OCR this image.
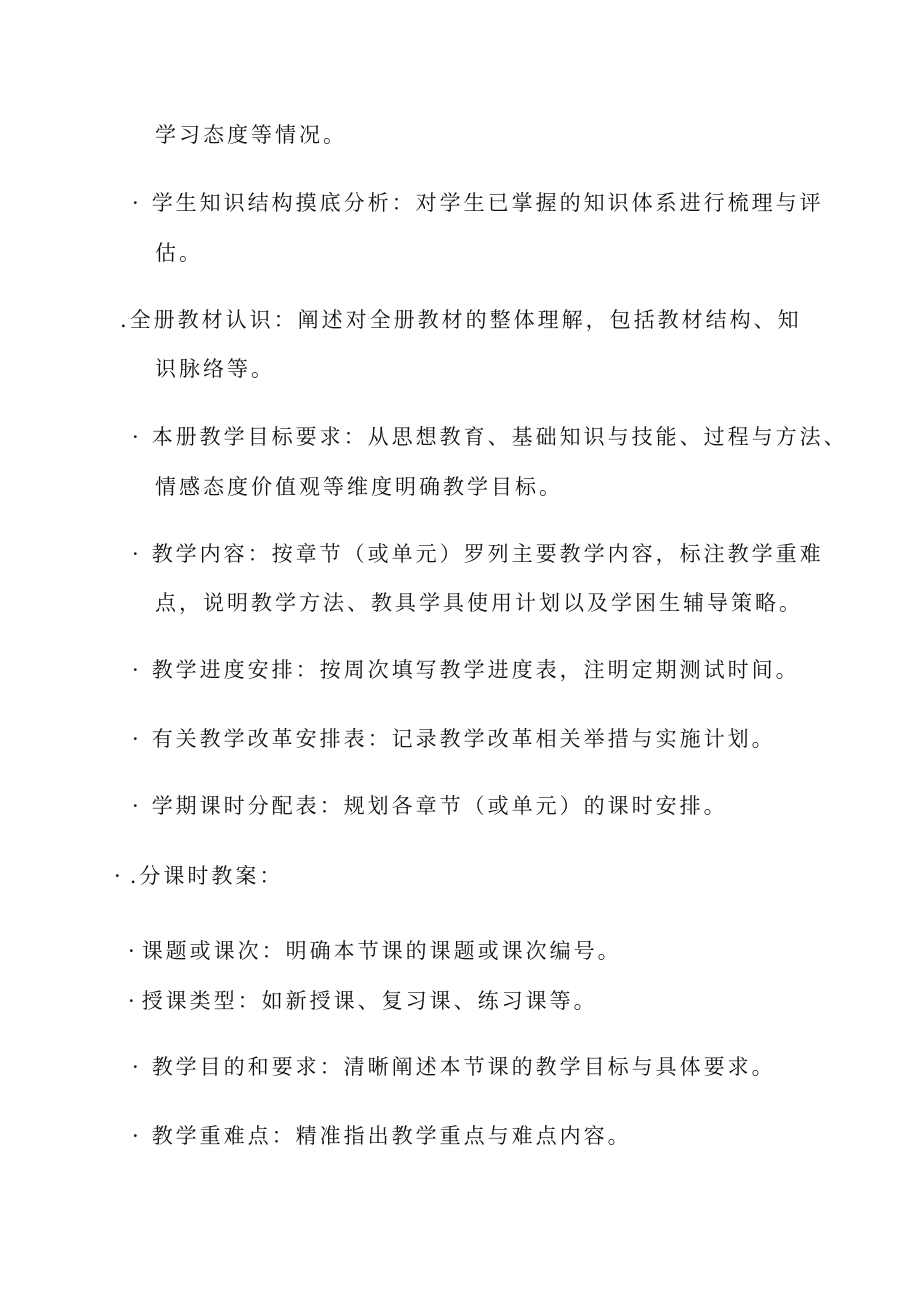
学习态度等情况。
· 学生知识结构摸底分析：对学生已掌握的知识体系进行梳理与评
估。
.全册教材认识：阐述对全册教材的整体理解，包括教材结构、知
识脉络等。
· 本册教学目标要求：从思想教育、基础知识与技能、过程与方法、
情感态度价值观等维度明确教学目标。
· 教学内容：按章节（或单元）罗列主要教学内容，标注教学重难
点，说明教学方法、教具学具使用计划以及学困生辅导策略。
· 教学进度安排：按周次填写教学进度表，注明定期测试时间。
· 有关教学改革安排表：记录教学改革相关举措与实施计划。
· 学期课时分配表：规划各章节（或单元）的课时安排。
· .分课时教案：
· 课题或课次：明确本节课的课题或课次编号。
· 授课类型：如新授课、复习课、练习课等。
· 教学目的和要求：清晰阐述本节课的教学目标与具体要求。
· 教学重难点：精准指出教学重点与难点内容。
